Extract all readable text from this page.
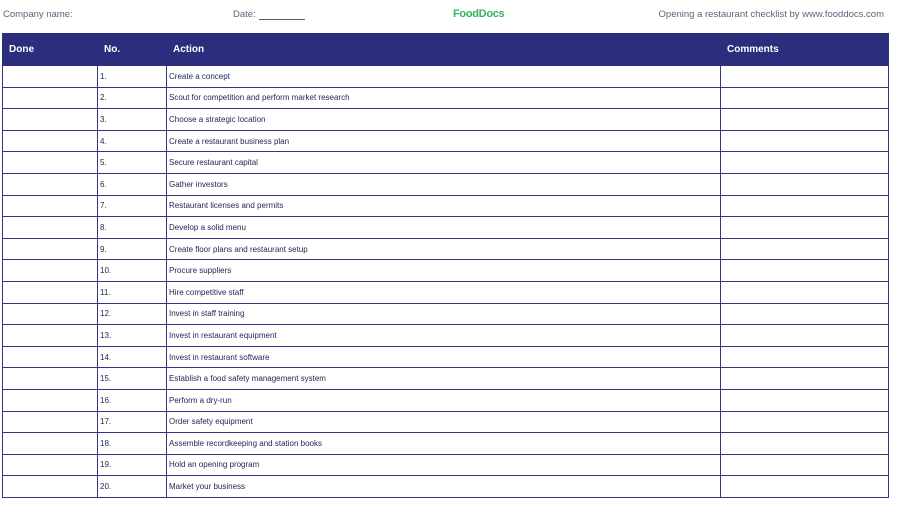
Company name:	Date:	FoodDocs	Opening a restaurant checklist by www.fooddocs.com
Done	No.	Action	Comments
	1.	Create a concept	
	2.	Scout for competition and perform market research	
	3.	Choose a strategic location	
	4.	Create a restaurant business plan	
	5.	Secure restaurant capital	
	6.	Gather investors	
	7.	Restaurant licenses and permits	
	8.	Develop a solid menu	
	9.	Create floor plans and restaurant setup	
	10.	Procure suppliers	
	11.	Hire competitive staff	
	12.	Invest in staff training	
	13.	Invest in restaurant equipment	
	14.	Invest in restaurant software	
	15.	Establish a food safety management system	
	16.	Perform a dry-run	
	17.	Order safety equipment	
	18.	Assemble recordkeeping and station books	
	19.	Hold an opening program	
	20.	Market your business	
